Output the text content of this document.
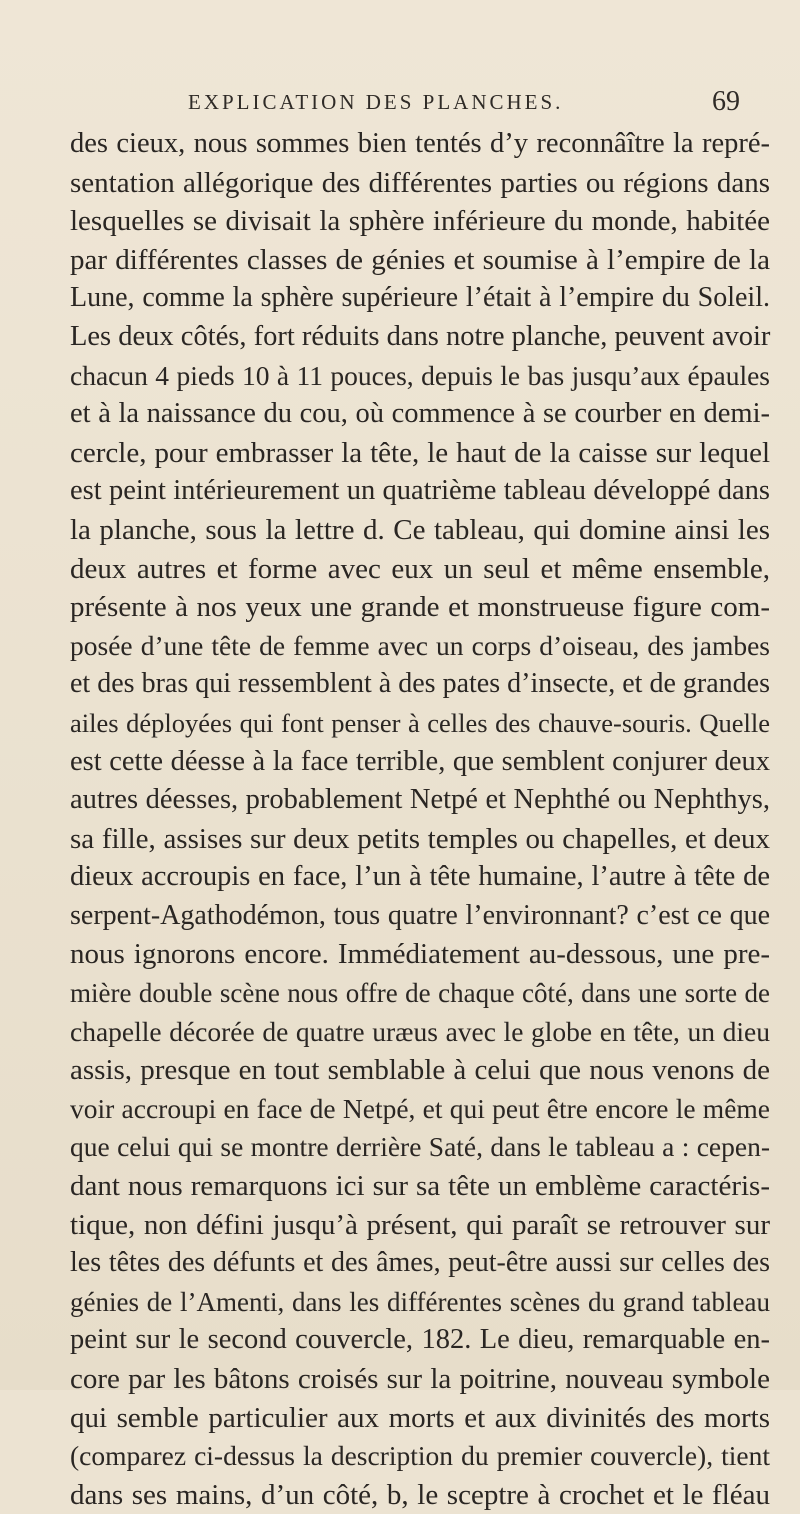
EXPLICATION DES PLANCHES.	69
des cieux, nous sommes bien tentés d’y reconnâître la repré-
sentation allégorique des différentes parties ou régions dans
lesquelles se divisait la sphère inférieure du monde, habitée
par différentes classes de génies et soumise à l’empire de la
Lune, comme la sphère supérieure l’était à l’empire du Soleil.
Les deux côtés, fort réduits dans notre planche, peuvent avoir
chacun 4 pieds 10 à 11 pouces, depuis le bas jusqu’aux épaules
et à la naissance du cou, où commence à se courber en demi-
cercle, pour embrasser la tête, le haut de la caisse sur lequel
est peint intérieurement un quatrième tableau développé dans
la planche, sous la lettre d. Ce tableau, qui domine ainsi les
deux autres et forme avec eux un seul et même ensemble,
présente à nos yeux une grande et monstrueuse figure com-
posée d’une tête de femme avec un corps d’oiseau, des jambes
et des bras qui ressemblent à des pates d’insecte, et de grandes
ailes déployées qui font penser à celles des chauve-souris. Quelle
est cette déesse à la face terrible, que semblent conjurer deux
autres déesses, probablement Netpé et Nephthé ou Nephthys,
sa fille, assises sur deux petits temples ou chapelles, et deux
dieux accroupis en face, l’un à tête humaine, l’autre à tête de
serpent-Agathodémon, tous quatre l’environnant? c’est ce que
nous ignorons encore. Immédiatement au-dessous, une pre-
mière double scène nous offre de chaque côté, dans une sorte de
chapelle décorée de quatre uræus avec le globe en tête, un dieu
assis, presque en tout semblable à celui que nous venons de
voir accroupi en face de Netpé, et qui peut être encore le même
que celui qui se montre derrière Saté, dans le tableau a : cepen-
dant nous remarquons ici sur sa tête un emblème caractéris-
tique, non défini jusqu’à présent, qui paraît se retrouver sur
les têtes des défunts et des âmes, peut-être aussi sur celles des
génies de l’Amenti, dans les différentes scènes du grand tableau
peint sur le second couvercle, 182. Le dieu, remarquable en-
core par les bâtons croisés sur la poitrine, nouveau symbole
qui semble particulier aux morts et aux divinités des morts
(comparez ci-dessus la description du premier couvercle), tient
dans ses mains, d’un côté, b, le sceptre à crochet et le fléau
